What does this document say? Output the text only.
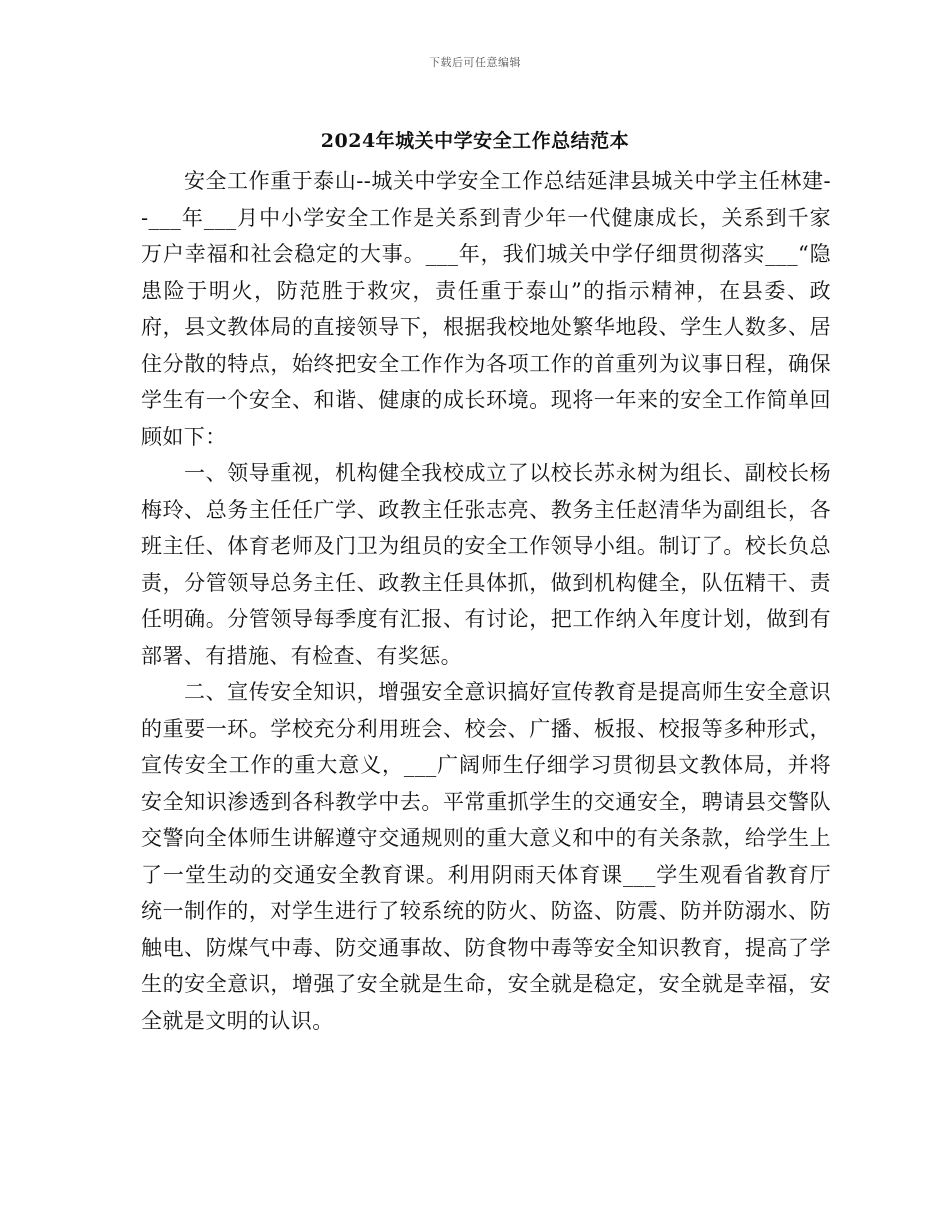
下载后可任意编辑
2024年城关中学安全工作总结范本

安全工作重于泰山--城关中学安全工作总结延津县城关中学主任林建--___年___月中小学安全工作是关系到青少年一代健康成长，关系到千家万户幸福和社会稳定的大事。___年，我们城关中学仔细贯彻落实___“隐患险于明火，防范胜于救灾，责任重于泰山”的指示精神，在县委、政府，县文教体局的直接领导下，根据我校地处繁华地段、学生人数多、居住分散的特点，始终把安全工作作为各项工作的首重列为议事日程，确保学生有一个安全、和谐、健康的成长环境。现将一年来的安全工作简单回顾如下：

一、领导重视，机构健全我校成立了以校长苏永树为组长、副校长杨梅玲、总务主任任广学、政教主任张志亮、教务主任赵清华为副组长，各班主任、体育老师及门卫为组员的安全工作领导小组。制订了。校长负总责，分管领导总务主任、政教主任具体抓，做到机构健全，队伍精干、责任明确。分管领导每季度有汇报、有讨论，把工作纳入年度计划，做到有部署、有措施、有检查、有奖惩。

二、宣传安全知识，增强安全意识搞好宣传教育是提高师生安全意识的重要一环。学校充分利用班会、校会、广播、板报、校报等多种形式，宣传安全工作的重大意义，___广阔师生仔细学习贯彻县文教体局，并将安全知识渗透到各科教学中去。平常重抓学生的交通安全，聘请县交警队交警向全体师生讲解遵守交通规则的重大意义和中的有关条款，给学生上了一堂生动的交通安全教育课。利用阴雨天体育课___学生观看省教育厅统一制作的，对学生进行了较系统的防火、防盗、防震、防并防溺水、防触电、防煤气中毒、防交通事故、防食物中毒等安全知识教育，提高了学生的安全意识，增强了安全就是生命，安全就是稳定，安全就是幸福，安全就是文明的认识。
